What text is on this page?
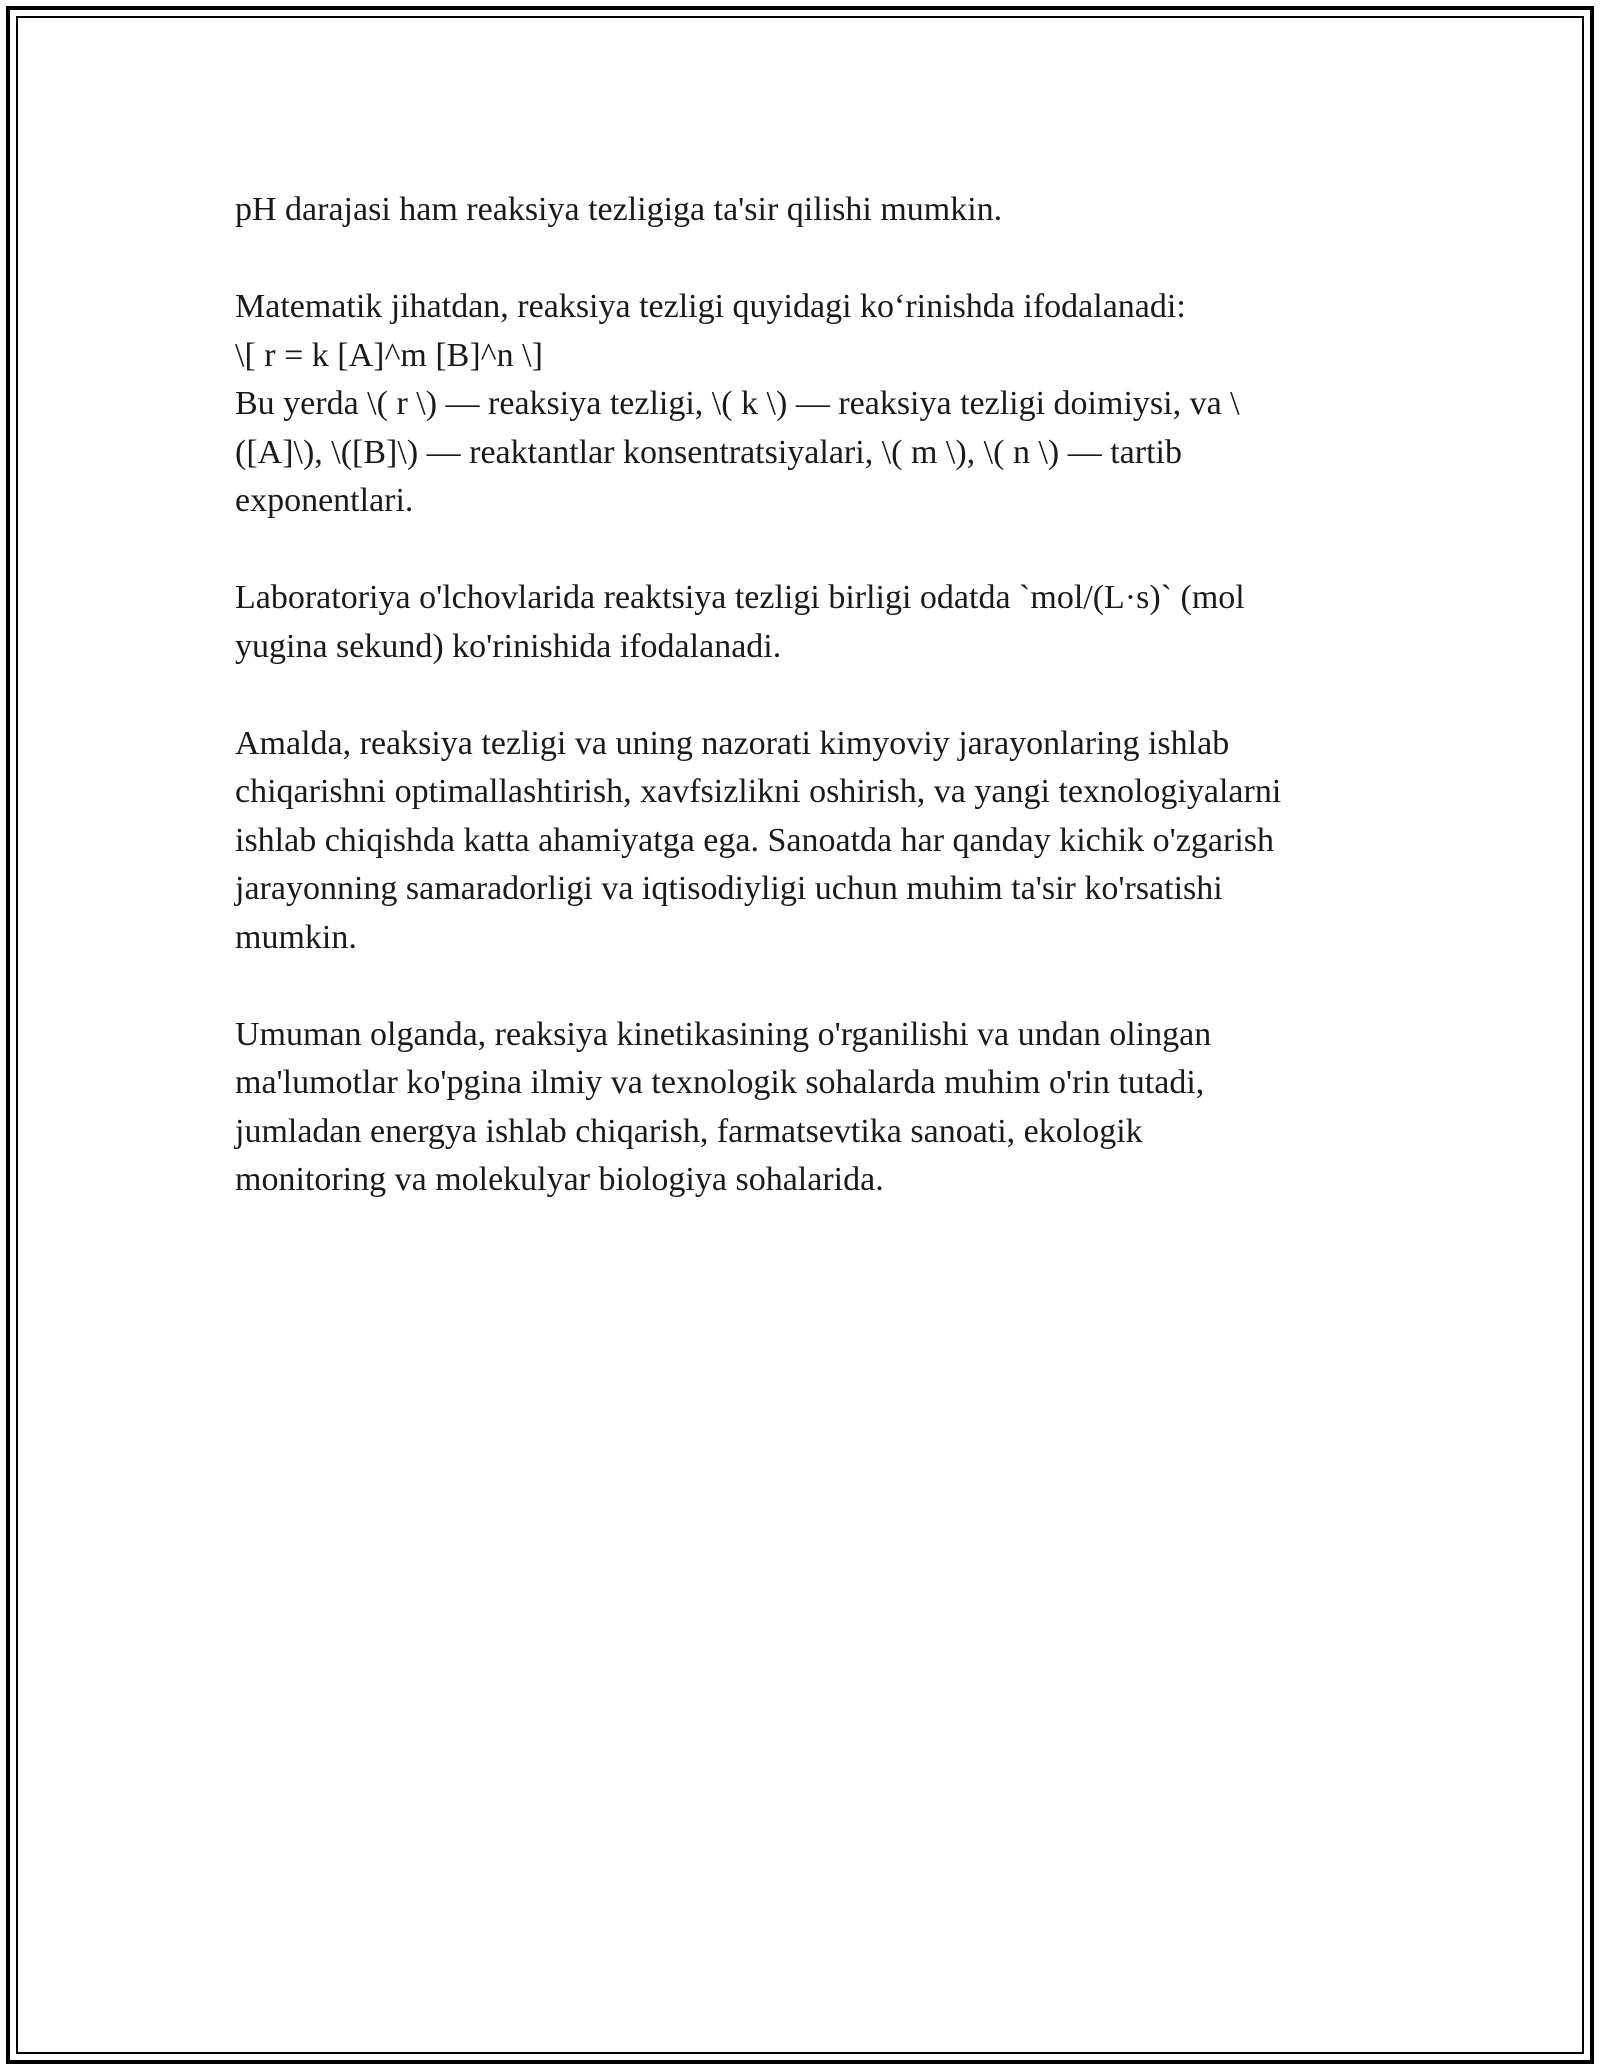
pH darajasi ham reaksiya tezligiga ta'sir qilishi mumkin.

Matematik jihatdan, reaksiya tezligi quyidagi koʻrinishda ifodalanadi:
\[ r = k [A]^m [B]^n \]
Bu yerda \( r \) — reaksiya tezligi, \( k \) — reaksiya tezligi doimiysi, va \
([A]\), \([B]\) — reaktantlar konsentratsiyalari, \( m \), \( n \) — tartib
exponentlari.

Laboratoriya o'lchovlarida reaktsiya tezligi birligi odatda `mol/(L·s)` (mol
yugina sekund) ko'rinishida ifodalanadi.

Amalda, reaksiya tezligi va uning nazorati kimyoviy jarayonlaring ishlab
chiqarishni optimallashtirish, xavfsizlikni oshirish, va yangi texnologiyalarni
ishlab chiqishda katta ahamiyatga ega. Sanoatda har qanday kichik o'zgarish
jarayonning samaradorligi va iqtisodiyligi uchun muhim ta'sir ko'rsatishi
mumkin.

Umuman olganda, reaksiya kinetikasining o'rganilishi va undan olingan
ma'lumotlar ko'pgina ilmiy va texnologik sohalarda muhim o'rin tutadi,
jumladan energya ishlab chiqarish, farmatsevtika sanoati, ekologik
monitoring va molekulyar biologiya sohalarida.
